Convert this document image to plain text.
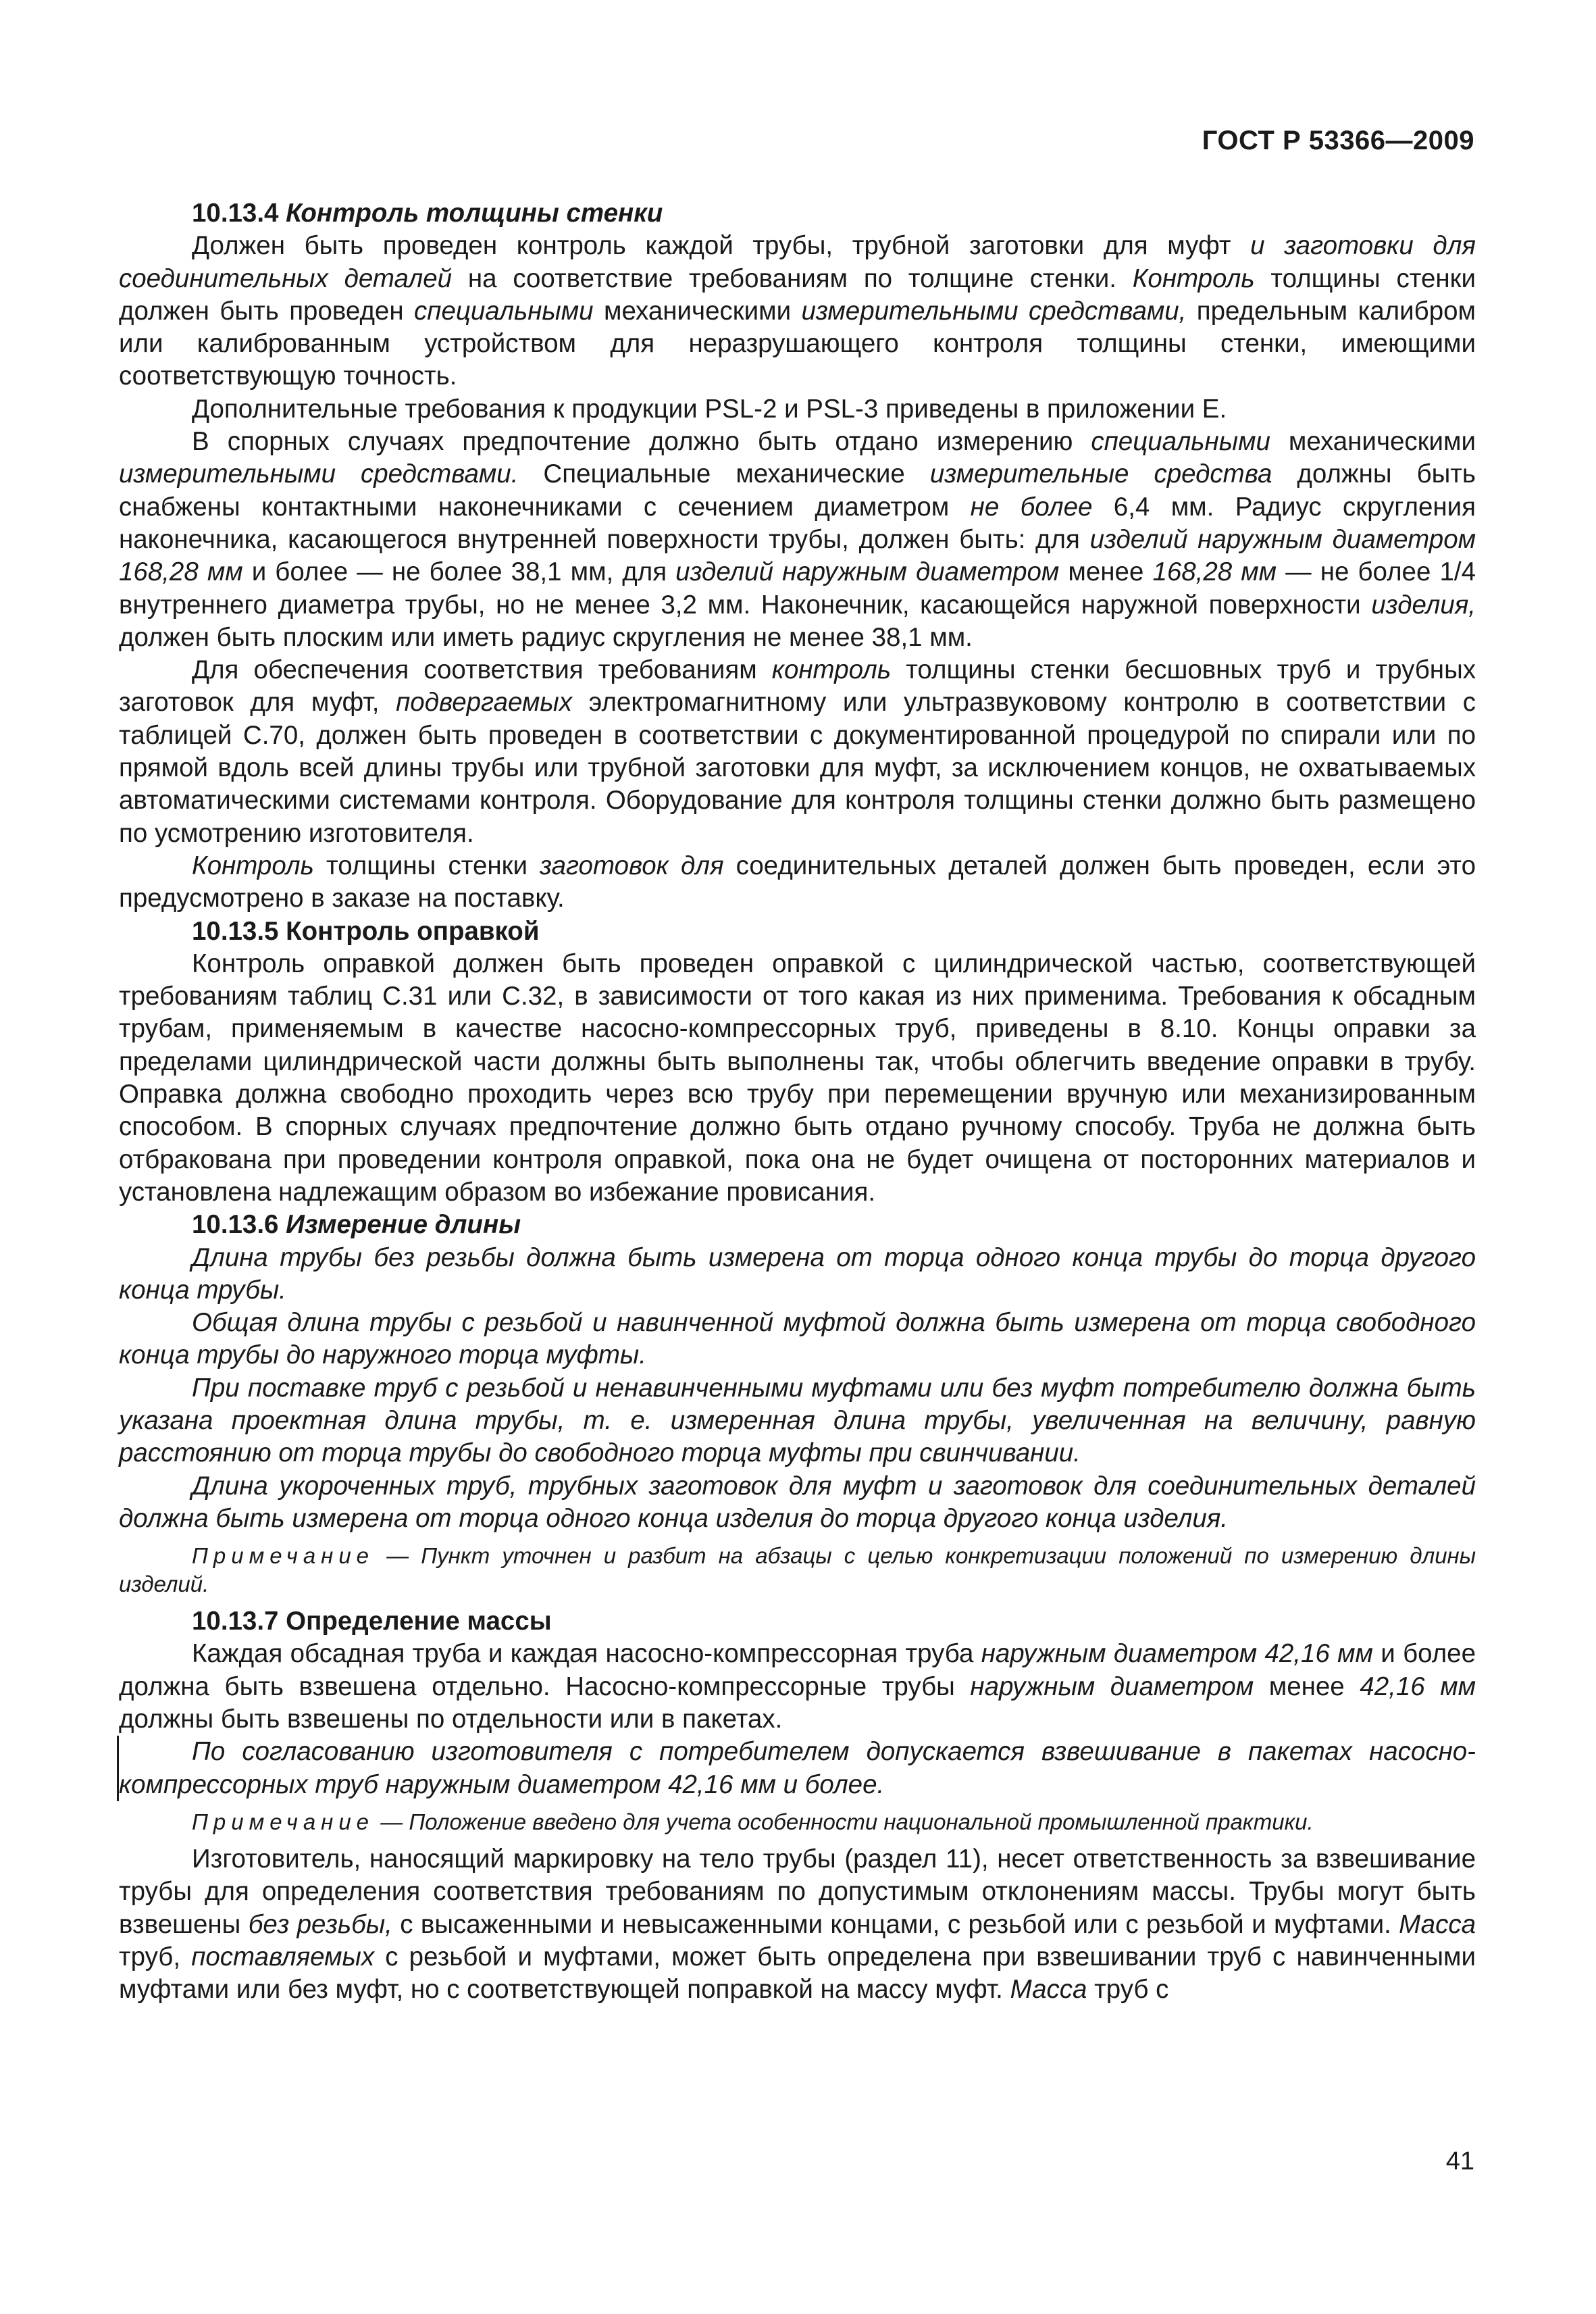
ГОСТ Р 53366—2009
10.13.4 Контроль толщины стенки

Должен быть проведен контроль каждой трубы, трубной заготовки для муфт и заготовки для соединительных деталей на соответствие требованиям по толщине стенки. Контроль толщины стенки должен быть проведен специальными механическими измерительными средствами, предельным калибром или калиброванным устройством для неразрушающего контроля толщины стенки, имеющими соответствующую точность.

Дополнительные требования к продукции PSL-2 и PSL-3 приведены в приложении Е.

В спорных случаях предпочтение должно быть отдано измерению специальными механическими измерительными средствами. Специальные механические измерительные средства должны быть снабжены контактными наконечниками с сечением диаметром не более 6,4 мм. Радиус скругления наконечника, касающегося внутренней поверхности трубы, должен быть: для изделий наружным диаметром 168,28 мм и более — не более 38,1 мм, для изделий наружным диаметром менее 168,28 мм — не более 1/4 внутреннего диаметра трубы, но не менее 3,2 мм. Наконечник, касающейся наружной поверхности изделия, должен быть плоским или иметь радиус скругления не менее 38,1 мм.

Для обеспечения соответствия требованиям контроль толщины стенки бесшовных труб и трубных заготовок для муфт, подвергаемых электромагнитному или ультразвуковому контролю в соответствии с таблицей С.70, должен быть проведен в соответствии с документированной процедурой по спирали или по прямой вдоль всей длины трубы или трубной заготовки для муфт, за исключением концов, не охватываемых автоматическими системами контроля. Оборудование для контроля толщины стенки должно быть размещено по усмотрению изготовителя.

Контроль толщины стенки заготовок для соединительных деталей должен быть проведен, если это предусмотрено в заказе на поставку.

10.13.5 Контроль оправкой

Контроль оправкой должен быть проведен оправкой с цилиндрической частью, соответствующей требованиям таблиц С.31 или С.32, в зависимости от того какая из них применима. Требования к обсадным трубам, применяемым в качестве насосно-компрессорных труб, приведены в 8.10. Концы оправки за пределами цилиндрической части должны быть выполнены так, чтобы облегчить введение оправки в трубу. Оправка должна свободно проходить через всю трубу при перемещении вручную или механизированным способом. В спорных случаях предпочтение должно быть отдано ручному способу. Труба не должна быть отбракована при проведении контроля оправкой, пока она не будет очищена от посторонних материалов и установлена надлежащим образом во избежание провисания.

10.13.6 Измерение длины

Длина трубы без резьбы должна быть измерена от торца одного конца трубы до торца другого конца трубы.

Общая длина трубы с резьбой и навинченной муфтой должна быть измерена от торца свободного конца трубы до наружного торца муфты.

При поставке труб с резьбой и ненавинченными муфтами или без муфт потребителю должна быть указана проектная длина трубы, т. е. измеренная длина трубы, увеличенная на величину, равную расстоянию от торца трубы до свободного торца муфты при свинчивании.

Длина укороченных труб, трубных заготовок для муфт и заготовок для соединительных деталей должна быть измерена от торца одного конца изделия до торца другого конца изделия.

Примечание — Пункт уточнен и разбит на абзацы с целью конкретизации положений по измерению длины изделий.
10.13.7 Определение массы

Каждая обсадная труба и каждая насосно-компрессорная труба наружным диаметром 42,16 мм и более должна быть взвешена отдельно. Насосно-компрессорные трубы наружным диаметром менее 42,16 мм должны быть взвешены по отдельности или в пакетах.

По согласованию изготовителя с потребителем допускается взвешивание в пакетах насосно-компрессорных труб наружным диаметром 42,16 мм и более.

Примечание — Положение введено для учета особенности национальной промышленной практики.

Изготовитель, наносящий маркировку на тело трубы (раздел 11), несет ответственность за взвешивание трубы для определения соответствия требованиям по допустимым отклонениям массы. Трубы могут быть взвешены без резьбы, с высаженными и невысаженными концами, с резьбой или с резьбой и муфтами. Масса труб, поставляемых с резьбой и муфтами, может быть определена при взвешивании труб с навинченными муфтами или без муфт, но с соответствующей поправкой на массу муфт. Масса труб с

41
